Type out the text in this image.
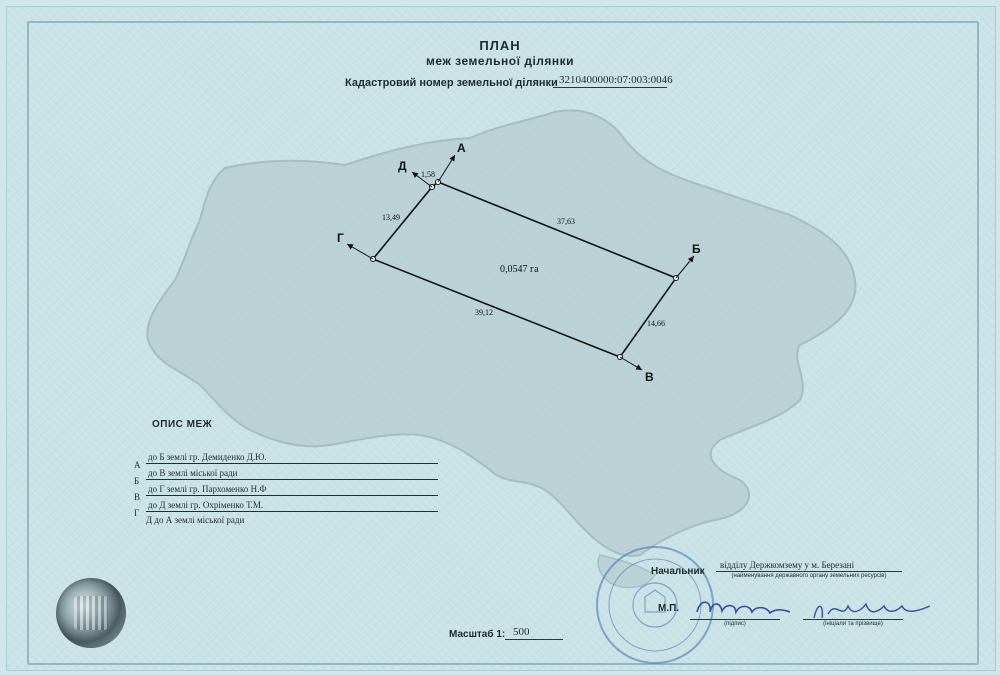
А
Б
В
Г
Д
1,58
37,63
14,66
39,12
13,49
0,0547 га
ПЛАН
меж земельної ділянки
Кадастровий номер земельної ділянки 3210400000:07:003:0046
ОПИС МЕЖ
А
до Б землі гр. Демиденко Д.Ю.
Б
до В землі міської ради
В
до Г землі гр. Пархоменко Н.Ф
Г
до Д землі гр. Охріменко Т.М.
Д до А землі міської ради
Начальник
відділу Держкомзему у м. Березані
(найменування державного органу земельних ресурсів)
М.П.
(підпис)	(ініціали та прізвище)
Масштаб 1: 500
